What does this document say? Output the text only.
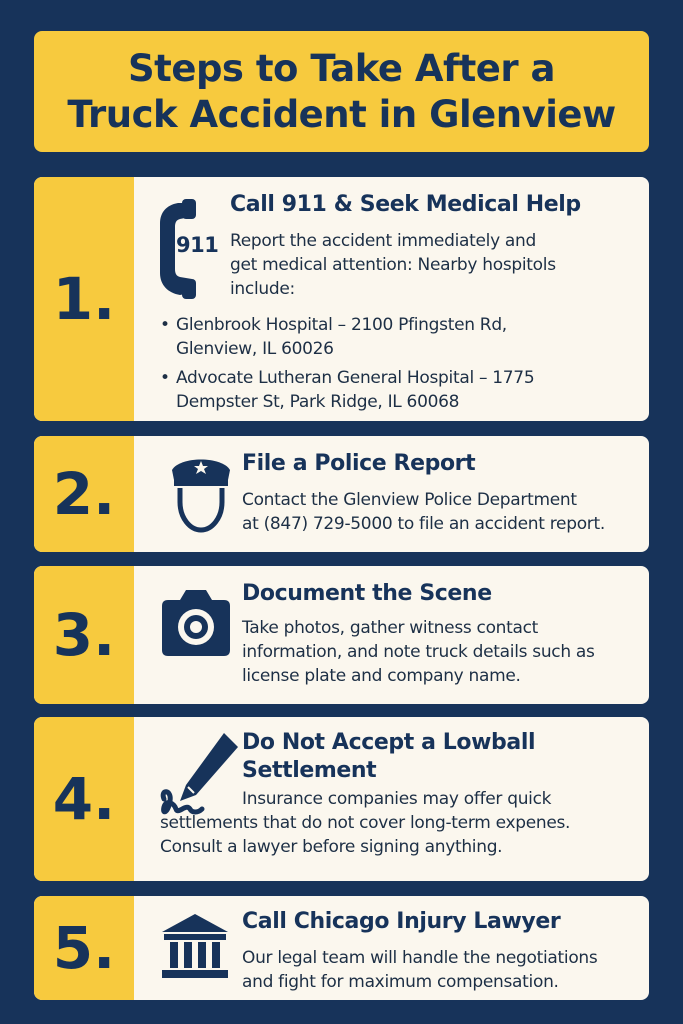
Steps to Take After a
Truck Accident in Glenview
1.
911
Call 911 & Seek Medical Help
Report the accident immediately and
get medical attention: Nearby hospitols
include:
• Glenbrook Hospital – 2100 Pfingsten Rd,
Glenview, IL 60026
• Advocate Lutheran General Hospital – 1775
Dempster St, Park Ridge, IL 60068
2.	File a Police Report
Contact the Glenview Police Department
at (847) 729-5000 to file an accident report.
3.
Document the Scene
Take photos, gather witness contact
information, and note truck details such as
license plate and company name.
4.
Do Not Accept a Lowball
Settlement
Insurance companies may offer quick
settlements that do not cover long-term expenes.
Consult a lawyer before signing anything.
5.	Call Chicago Injury Lawyer
Our legal team will handle the negotiations
and fight for maximum compensation.
